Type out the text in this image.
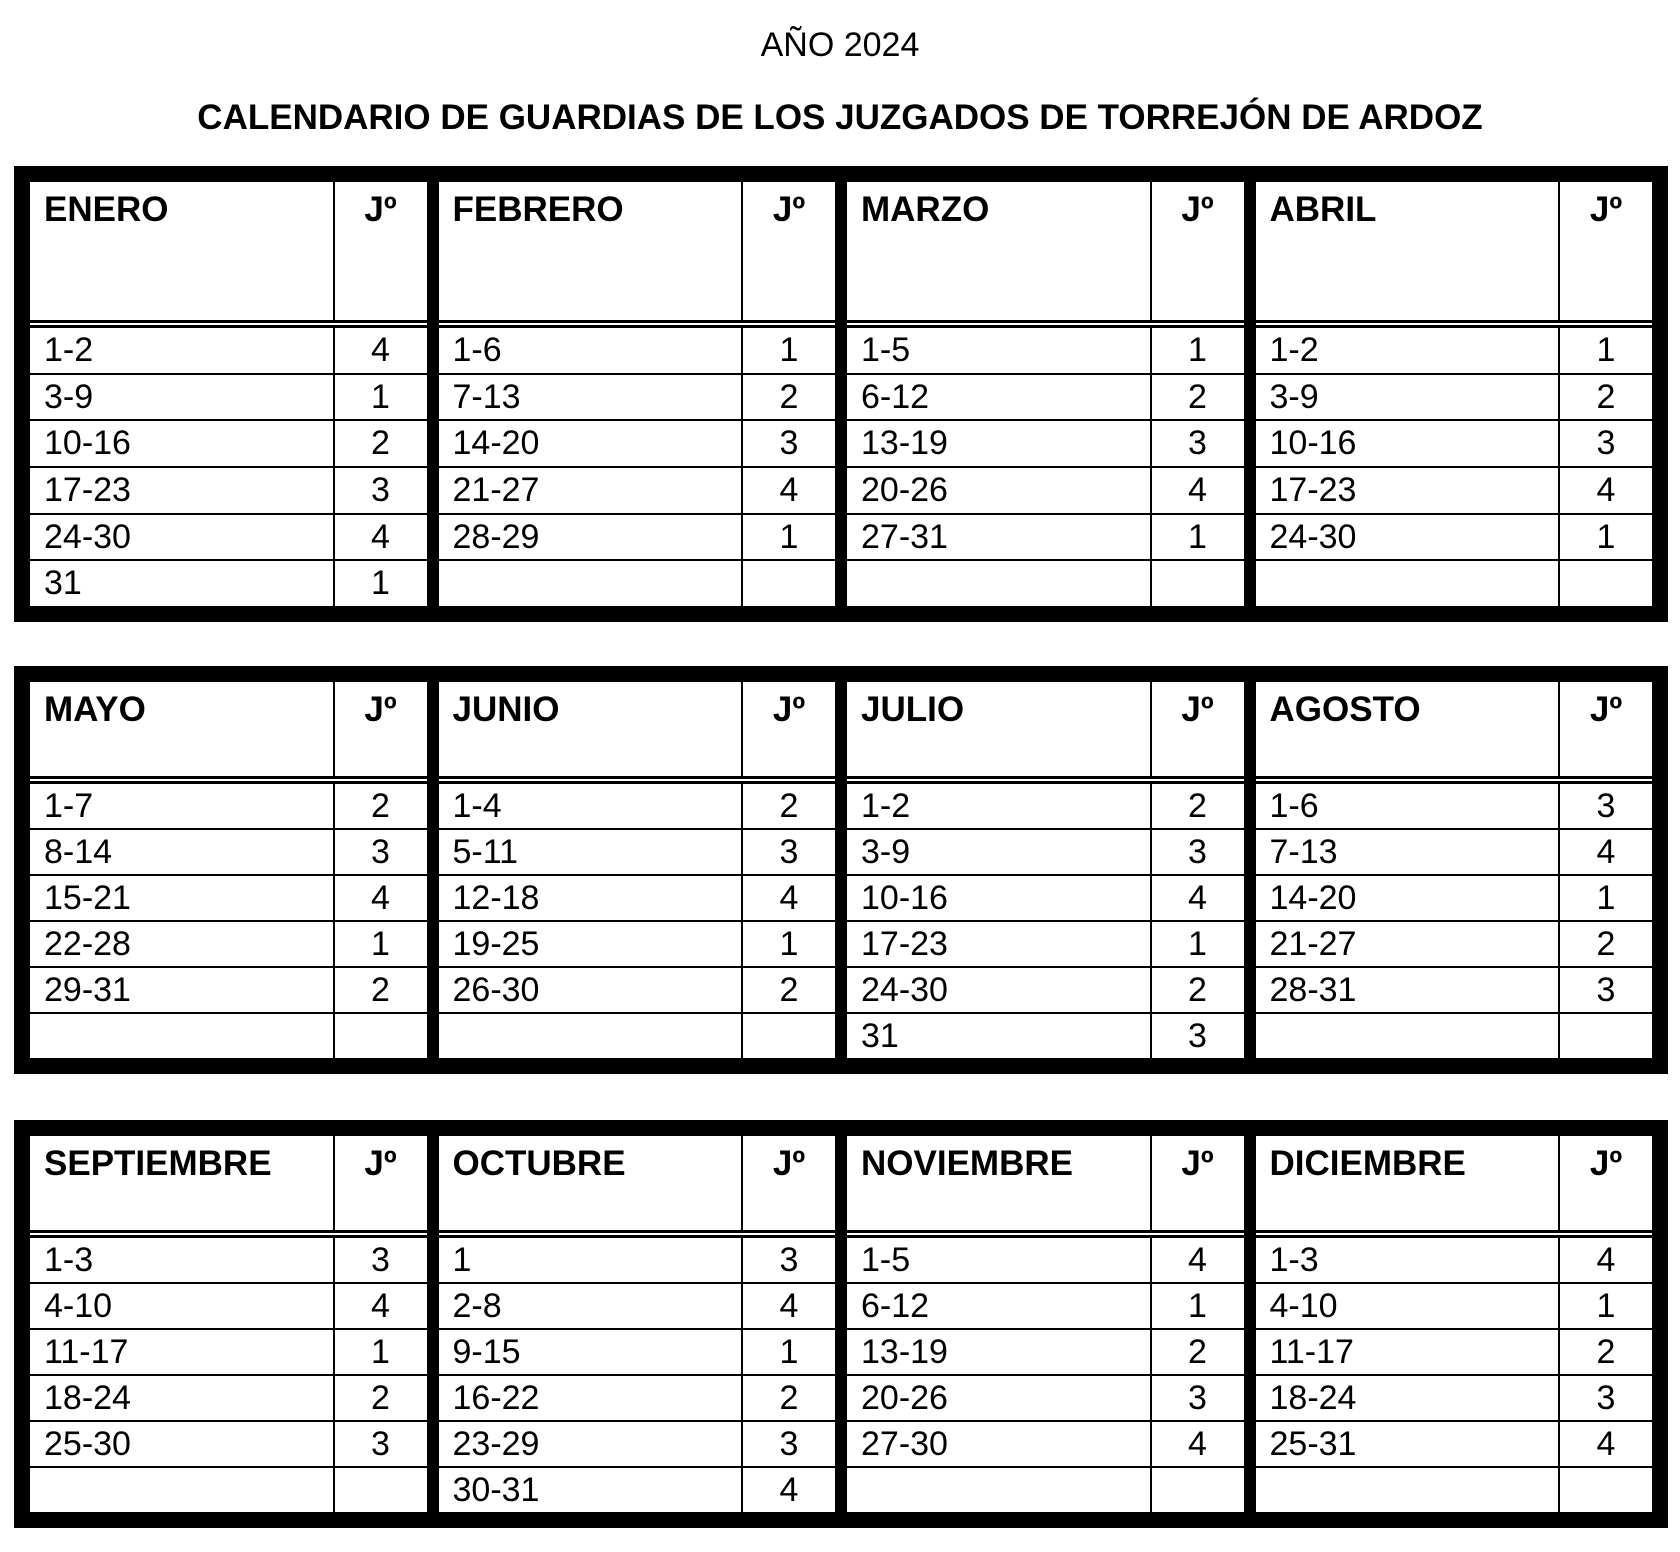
AÑO 2024
CALENDARIO DE GUARDIAS DE LOS JUZGADOS DE TORREJÓN DE ARDOZ
ENERO	Jº
1-2	4
3-9	1
10-16	2
17-23	3
24-30	4
31	1
FEBRERO	Jº
1-6	1
7-13	2
14-20	3
21-27	4
28-29	1
MARZO	Jº
1-5	1
6-12	2
13-19	3
20-26	4
27-31	1
ABRIL	Jº
1-2	1
3-9	2
10-16	3
17-23	4
24-30	1
MAYO	Jº
1-7	2
8-14	3
15-21	4
22-28	1
29-31	2
JUNIO	Jº
1-4	2
5-11	3
12-18	4
19-25	1
26-30	2
JULIO	Jº
1-2	2
3-9	3
10-16	4
17-23	1
24-30	2
31	3
AGOSTO	Jº
1-6	3
7-13	4
14-20	1
21-27	2
28-31	3
SEPTIEMBRE	Jº
1-3	3
4-10	4
11-17	1
18-24	2
25-30	3
OCTUBRE	Jº
1	3
2-8	4
9-15	1
16-22	2
23-29	3
30-31	4
NOVIEMBRE	Jº
1-5	4
6-12	1
13-19	2
20-26	3
27-30	4
DICIEMBRE	Jº
1-3	4
4-10	1
11-17	2
18-24	3
25-31	4
